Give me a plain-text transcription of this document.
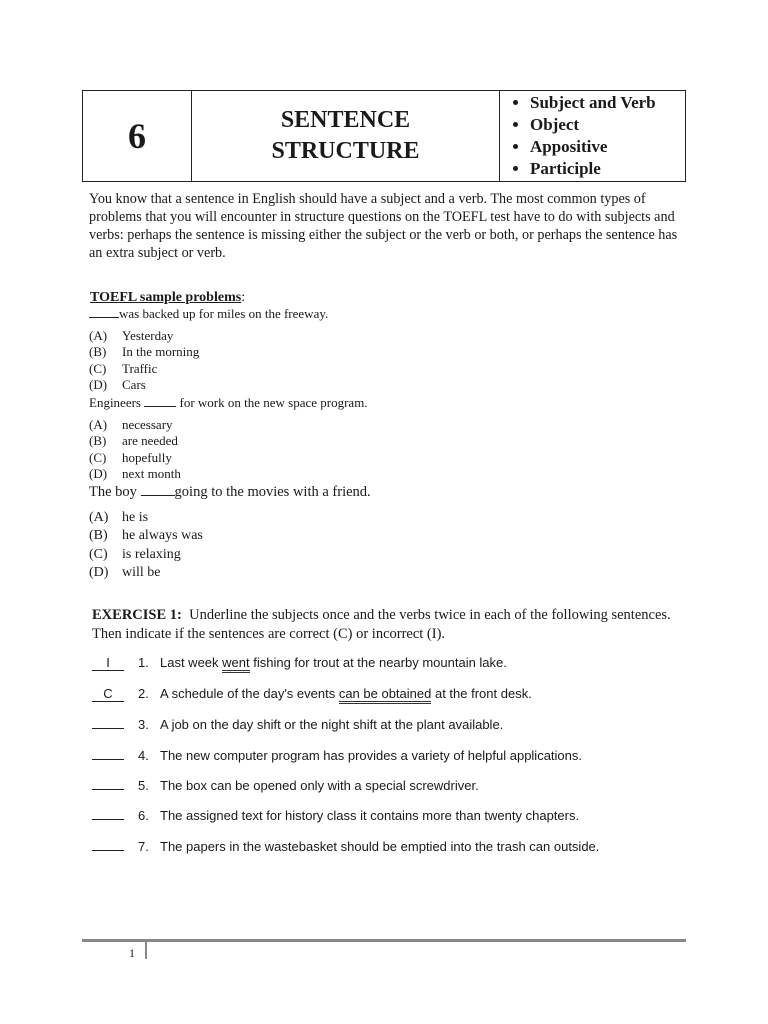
6	SENTENCE
STRUCTURE

• Subject and Verb
• Object
• Appositive
• Participle
You know that a sentence in English should have a subject and a verb. The most common types of problems that you will encounter in structure questions on the TOEFL test have to do with subjects and verbs: perhaps the sentence is missing either the subject or the verb or both, or perhaps the sentence has an extra subject or verb.
TOEFL sample problems:
was backed up for miles on the freeway.
(A) Yesterday
(B) In the morning
(C) Traffic
(D) Cars
Engineers	for work on the new space program.
(A) necessary
(B) are needed
(C) hopefully
(D) next month
The boy	going to the movies with a friend.
(A) he is
(B) he always was
(C) is relaxing
(D) will be
EXERCISE 1: Underline the subjects once and the verbs twice in each of the following sentences. Then indicate if the sentences are correct (C) or incorrect (I).
I 1. Last week went fishing for trout at the nearby mountain lake.
C 2. A schedule of the day's events can be obtained at the front desk.
3. A job on the day shift or the night shift at the plant available.
4. The new computer program has provides a variety of helpful applications.
5. The box can be opened only with a special screwdriver.
6. The assigned text for history class it contains more than twenty chapters.
7. The papers in the wastebasket should be emptied into the trash can outside.
1
